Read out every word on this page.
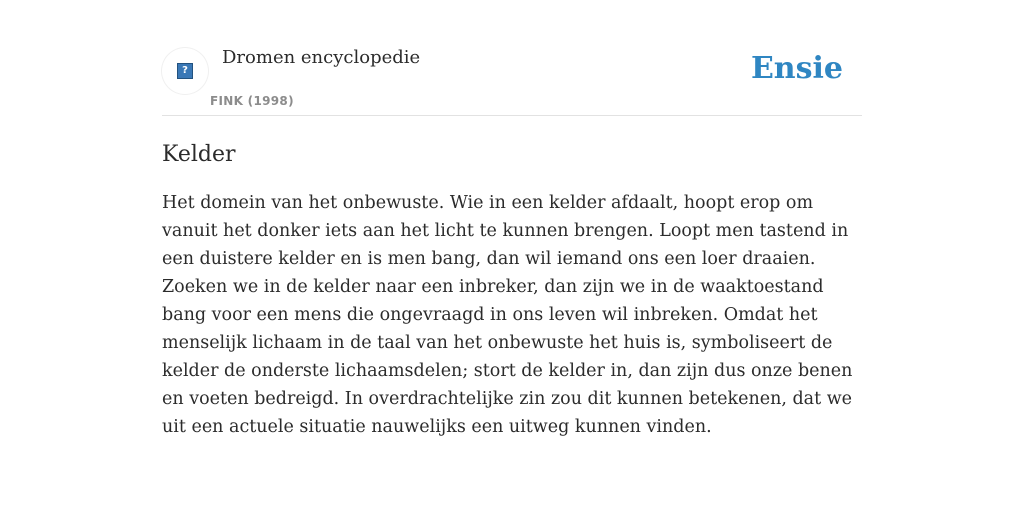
?
Dromen encyclopedie
FINK (1998)
Ensie
Kelder

Het domein van het onbewuste. Wie in een kelder afdaalt, hoopt erop om vanuit het donker iets aan het licht te kunnen brengen. Loopt men tastend in een duistere kelder en is men bang, dan wil iemand ons een loer draaien. Zoeken we in de kelder naar een inbreker, dan zijn we in de waaktoestand bang voor een mens die ongevraagd in ons leven wil inbreken. Omdat het menselijk lichaam in de taal van het onbewuste het huis is, symboliseert de kelder de onderste lichaamsdelen; stort de kelder in, dan zijn dus onze benen en voeten bedreigd. In overdrachtelijke zin zou dit kunnen betekenen, dat we uit een actuele situatie nauwelijks een uitweg kunnen vinden.
